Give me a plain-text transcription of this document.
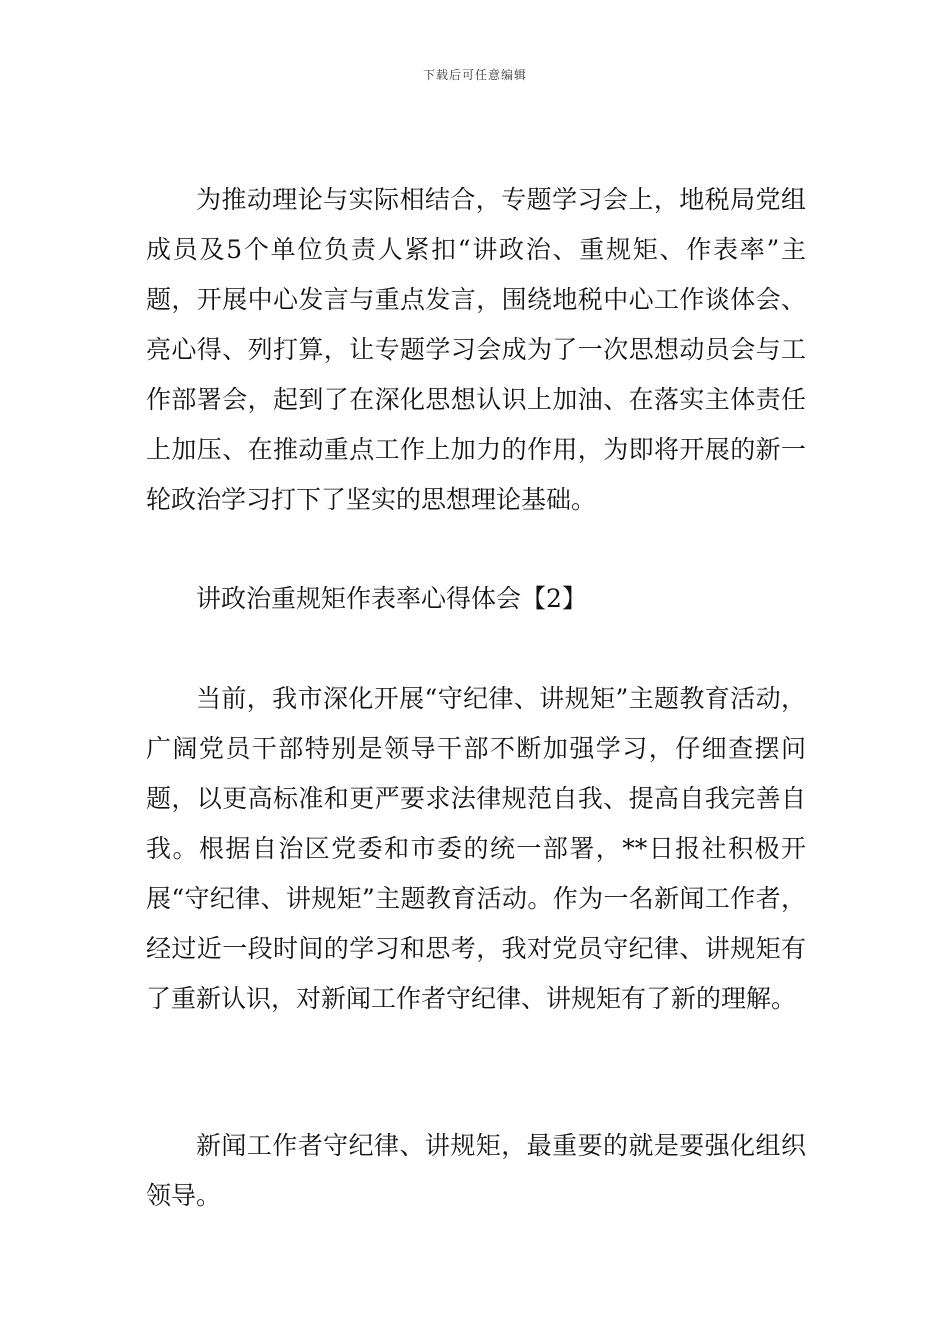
下载后可任意编辑

为推动理论与实际相结合，专题学习会上，地税局党组成员及5个单位负责人紧扣“讲政治、重规矩、作表率”主题，开展中心发言与重点发言，围绕地税中心工作谈体会、亮心得、列打算，让专题学习会成为了一次思想动员会与工作部署会，起到了在深化思想认识上加油、在落实主体责任上加压、在推动重点工作上加力的作用，为即将开展的新一轮政治学习打下了坚实的思想理论基础。

讲政治重规矩作表率心得体会【2】

当前，我市深化开展“守纪律、讲规矩”主题教育活动，广阔党员干部特别是领导干部不断加强学习，仔细查摆问题，以更高标准和更严要求法律规范自我、提高自我完善自我。根据自治区党委和市委的统一部署，**日报社积极开展“守纪律、讲规矩”主题教育活动。作为一名新闻工作者，经过近一段时间的学习和思考，我对党员守纪律、讲规矩有了重新认识，对新闻工作者守纪律、讲规矩有了新的理解。

新闻工作者守纪律、讲规矩，最重要的就是要强化组织领导。
